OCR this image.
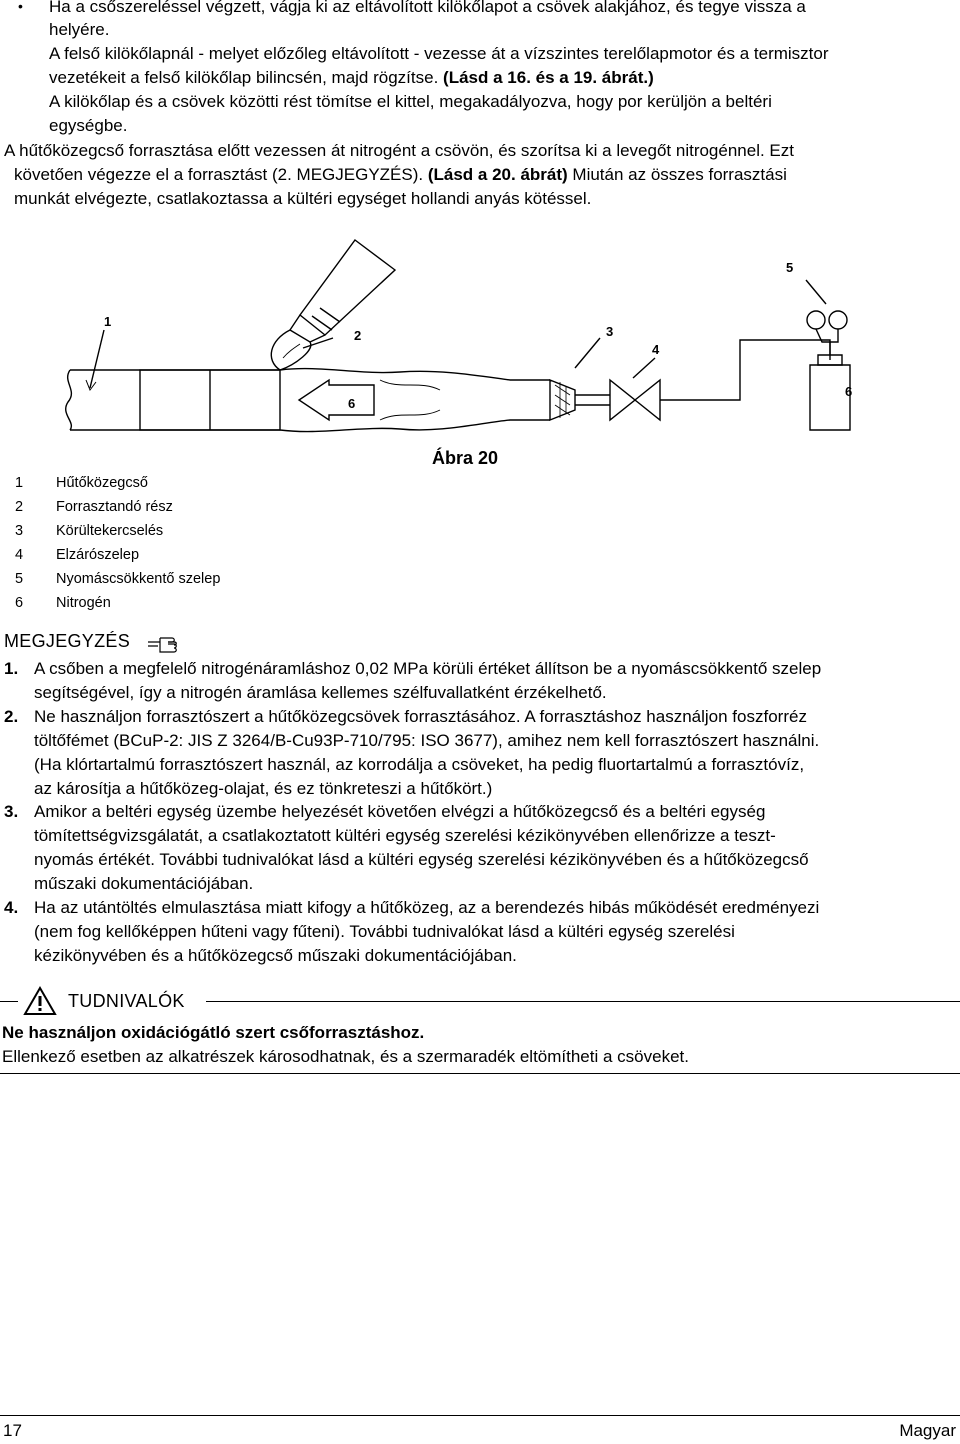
• Ha a csőszereléssel végzett, vágja ki az eltávolított kilökőlapot a csövek alakjához, és tegye vissza a
helyére.
A felső kilökőlapnál - melyet előzőleg eltávolított - vezesse át a vízszintes terelőlapmotor és a termisztor
vezetékeit a felső kilökőlap bilincsén, majd rögzítse. (Lásd a 16. és a 19. ábrát.)
A kilökőlap és a csövek közötti rést tömítse el kittel, megakadályozva, hogy por kerüljön a beltéri
egységbe.
A hűtőközegcső forrasztása előtt vezessen át nitrogént a csövön, és szorítsa ki a levegőt nitrogénnel. Ezt
követően végezze el a forrasztást (2. MEGJEGYZÉS). (Lásd a 20. ábrát) Miután az összes forrasztási
munkát elvégezte, csatlakoztassa a kültéri egységet hollandi anyás kötéssel.
1
2	3
4
5
6
6
Ábra 20
1 Hűtőközegcső
2 Forrasztandó rész
3 Körültekercselés
4 Elzárószelep
5 Nyomáscsökkentő szelep
6 Nitrogén
MEGJEGYZÉS
1. A csőben a megfelelő nitrogénáramláshoz 0,02 MPa körüli értéket állítson be a nyomáscsökkentő szelep
segítségével, így a nitrogén áramlása kellemes szélfuvallatként érzékelhető.
2. Ne használjon forrasztószert a hűtőközegcsövek forrasztásához. A forrasztáshoz használjon foszforréz
töltőfémet (BCuP-2: JIS Z 3264/B-Cu93P-710/795: ISO 3677), amihez nem kell forrasztószert használni.
(Ha klórtartalmú forrasztószert használ, az korrodálja a csöveket, ha pedig fluortartalmú a forrasztóvíz,
az károsítja a hűtőközeg-olajat, és ez tönkreteszi a hűtőkört.)
3. Amikor a beltéri egység üzembe helyezését követően elvégzi a hűtőközegcső és a beltéri egység
tömítettségvizsgálatát, a csatlakoztatott kültéri egység szerelési kézikönyvében ellenőrizze a teszt-
nyomás értékét. További tudnivalókat lásd a kültéri egység szerelési kézikönyvében és a hűtőközegcső
műszaki dokumentációjában.
4. Ha az utántöltés elmulasztása miatt kifogy a hűtőközeg, az a berendezés hibás működését eredményezi
(nem fog kellőképpen hűteni vagy fűteni). További tudnivalókat lásd a kültéri egység szerelési
kézikönyvében és a hűtőközegcső műszaki dokumentációjában.
TUDNIVALÓK
Ne használjon oxidációgátló szert csőforrasztáshoz.
Ellenkező esetben az alkatrészek károsodhatnak, és a szermaradék eltömítheti a csöveket.
17	Magyar
